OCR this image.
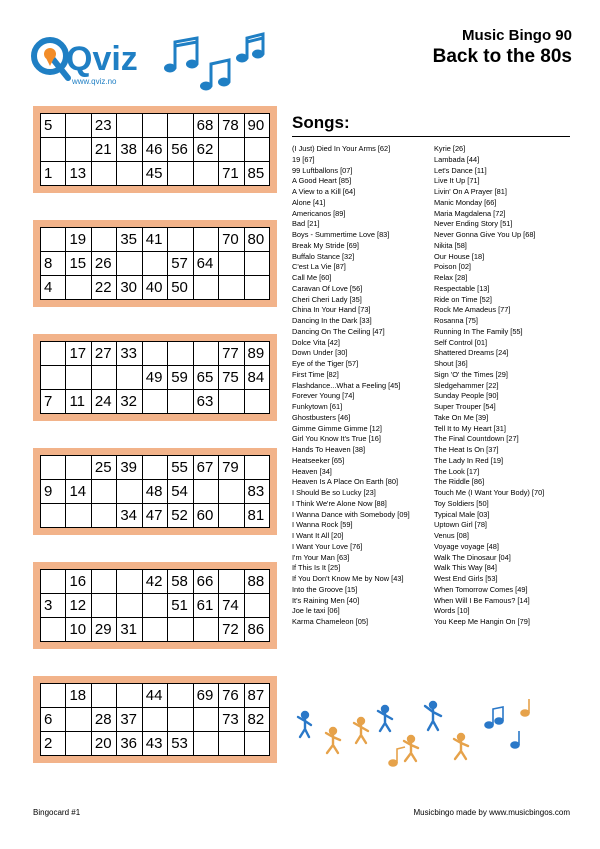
Qviz
www.qviz.no
Music Bingo 90
Back to the 80s
5		23				68	78	90
		21	38	46	56	62		
1	13			45			71	85
	19		35	41			70	80
8	15	26			57	64		
4		22	30	40	50			
	17	27	33				77	89
				49	59	65	75	84
7	11	24	32			63		
		25	39		55	67	79	
9	14			48	54			83
			34	47	52	60		81
	16			42	58	66		88
3	12				51	61	74	
	10	29	31				72	86
	18			44		69	76	87
6		28	37				73	82
2		20	36	43	53			
Songs:
(I Just) Died In Your Arms [62]
19 [67]
99 Luftballons [07]
A Good Heart [85]
A View to a Kill [64]
Alone [41]
Americanos [89]
Bad [21]
Boys - Summertime Love [83]
Break My Stride [69]
Buffalo Stance [32]
C'est La Vie [87]
Call Me [60]
Caravan Of Love [56]
Cheri Cheri Lady [35]
China In Your Hand [73]
Dancing In the Dark [33]
Dancing On The Ceiling [47]
Dolce Vita [42]
Down Under [30]
Eye of the Tiger [57]
First Time [82]
Flashdance...What a Feeling [45]
Forever Young [74]
Funkytown [61]
Ghostbusters [46]
Gimme Gimme Gimme [12]
Girl You Know It's True [16]
Hands To Heaven [38]
Heatseeker [65]
Heaven [34]
Heaven Is A Place On Earth [80]
I Should Be so Lucky [23]
I Think We're Alone Now [88]
I Wanna Dance with Somebody [09]
I Wanna Rock [59]
I Want It All [20]
I Want Your Love [76]
I'm Your Man [63]
If This Is It [25]
If You Don't Know Me by Now [43]
Into the Groove [15]
It's Raining Men [40]
Joe le taxi [06]
Karma Chameleon [05]
Kyrie [26]
Lambada [44]
Let's Dance [11]
Live It Up [71]
Livin' On A Prayer [81]
Manic Monday [66]
Maria Magdalena [72]
Never Ending Story [51]
Never Gonna Give You Up [68]
Nikita [58]
Our House [18]
Poison [02]
Relax [28]
Respectable [13]
Ride on Time [52]
Rock Me Amadeus [77]
Rosanna [75]
Running In The Family [55]
Self Control [01]
Shattered Dreams [24]
Shout [36]
Sign 'O' the Times [29]
Sledgehammer [22]
Sunday People [90]
Super Trouper [54]
Take On Me [39]
Tell It to My Heart [31]
The Final Countdown [27]
The Heat Is On [37]
The Lady In Red [19]
The Look [17]
The Riddle [86]
Touch Me (I Want Your Body) [70]
Toy Soldiers [50]
Typical Male [03]
Uptown Girl [78]
Venus [08]
Voyage voyage [48]
Walk The Dinosaur [04]
Walk This Way [84]
West End Girls [53]
When Tomorrow Comes [49]
When Will I Be Famous? [14]
Words [10]
You Keep Me Hangin On [79]
Bingocard #1	Musicbingo made by www.musicbingos.com
